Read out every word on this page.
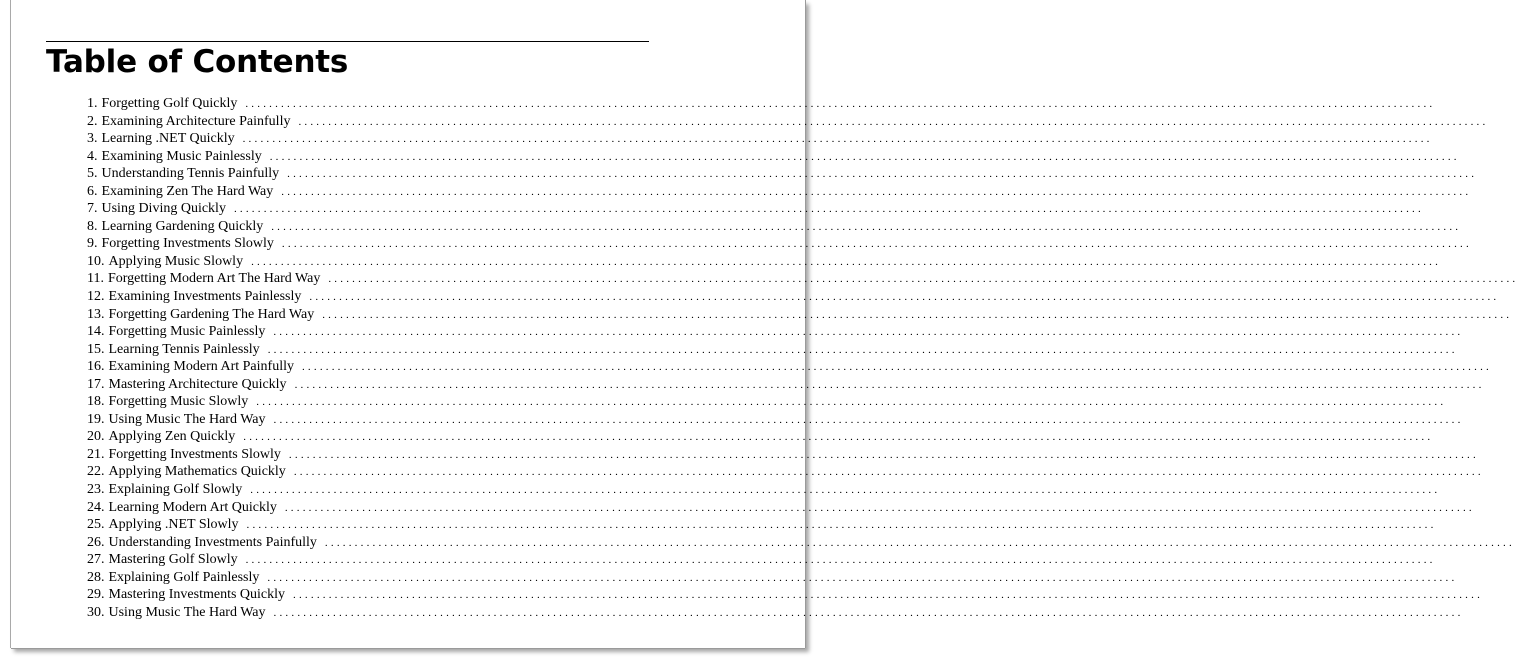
Table of Contents
1. Forgetting Golf Quickly ........................................................................................................................................................................................................
2. Examining Architecture Painfully ........................................................................................................................................................................................................
3. Learning .NET Quickly ........................................................................................................................................................................................................
4. Examining Music Painlessly ........................................................................................................................................................................................................
5. Understanding Tennis Painfully ........................................................................................................................................................................................................
6. Examining Zen The Hard Way ........................................................................................................................................................................................................
7. Using Diving Quickly ........................................................................................................................................................................................................
8. Learning Gardening Quickly ........................................................................................................................................................................................................
9. Forgetting Investments Slowly ........................................................................................................................................................................................................
10. Applying Music Slowly ........................................................................................................................................................................................................
11. Forgetting Modern Art The Hard Way ........................................................................................................................................................................................................
12. Examining Investments Painlessly ........................................................................................................................................................................................................
13. Forgetting Gardening The Hard Way ........................................................................................................................................................................................................
14. Forgetting Music Painlessly ........................................................................................................................................................................................................
15. Learning Tennis Painlessly ........................................................................................................................................................................................................
16. Examining Modern Art Painfully ........................................................................................................................................................................................................
17. Mastering Architecture Quickly ........................................................................................................................................................................................................
18. Forgetting Music Slowly ........................................................................................................................................................................................................
19. Using Music The Hard Way ........................................................................................................................................................................................................
20. Applying Zen Quickly ........................................................................................................................................................................................................
21. Forgetting Investments Slowly ........................................................................................................................................................................................................
22. Applying Mathematics Quickly ........................................................................................................................................................................................................
23. Explaining Golf Slowly ........................................................................................................................................................................................................
24. Learning Modern Art Quickly ........................................................................................................................................................................................................
25. Applying .NET Slowly ........................................................................................................................................................................................................
26. Understanding Investments Painfully ........................................................................................................................................................................................................
27. Mastering Golf Slowly ........................................................................................................................................................................................................
28. Explaining Golf Painlessly ........................................................................................................................................................................................................
29. Mastering Investments Quickly ........................................................................................................................................................................................................
30. Using Music The Hard Way ........................................................................................................................................................................................................
